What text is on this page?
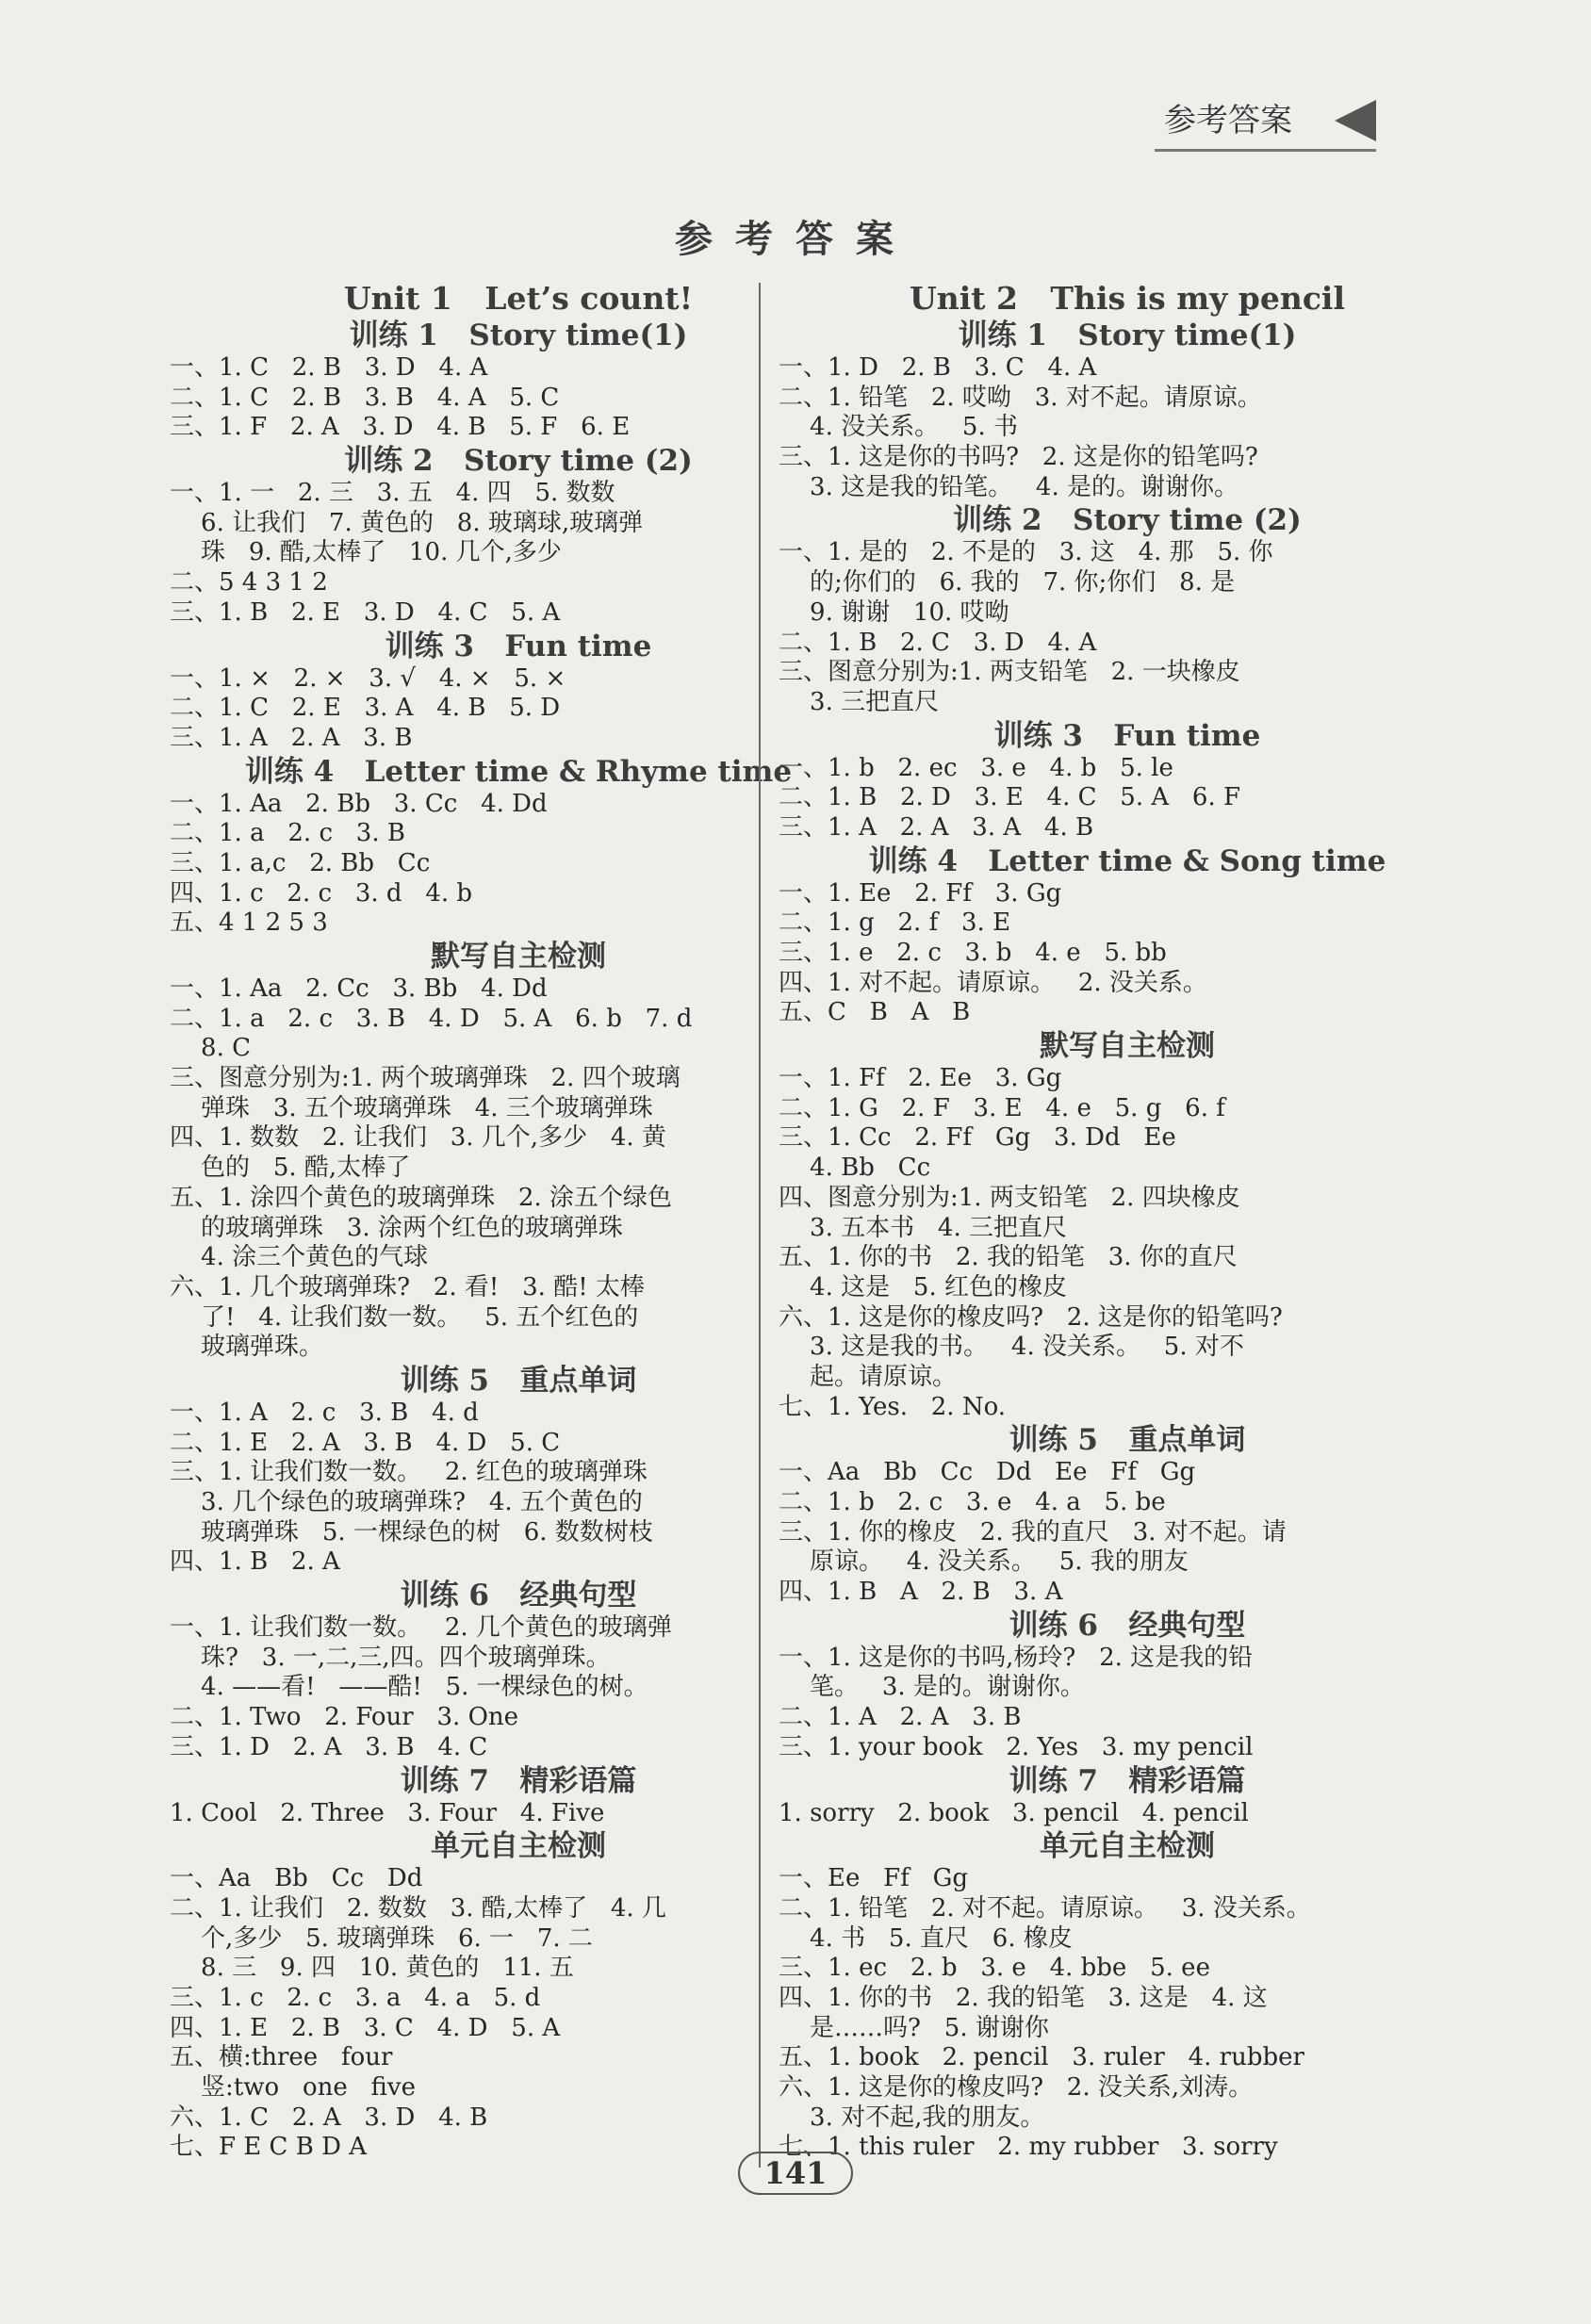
参考答案
参考答案
Unit 1   Let’s count!
训练 1   Story time(1)
一、1. C   2. B   3. D   4. A
二、1. C   2. B   3. B   4. A   5. C
三、1. F   2. A   3. D   4. B   5. F   6. E
训练 2   Story time (2)
一、1. 一   2. 三   3. 五   4. 四   5. 数数
6. 让我们   7. 黄色的   8. 玻璃球,玻璃弹
珠   9. 酷,太棒了   10. 几个,多少
二、5 4 3 1 2
三、1. B   2. E   3. D   4. C   5. A
训练 3   Fun time
一、1. ×   2. ×   3. √   4. ×   5. ×
二、1. C   2. E   3. A   4. B   5. D
三、1. A   2. A   3. B
训练 4   Letter time & Rhyme time
一、1. Aa   2. Bb   3. Cc   4. Dd
二、1. a   2. c   3. B
三、1. a,c   2. Bb   Cc
四、1. c   2. c   3. d   4. b
五、4 1 2 5 3
默写自主检测
一、1. Aa   2. Cc   3. Bb   4. Dd
二、1. a   2. c   3. B   4. D   5. A   6. b   7. d
8. C
三、图意分别为:1. 两个玻璃弹珠   2. 四个玻璃
弹珠   3. 五个玻璃弹珠   4. 三个玻璃弹珠
四、1. 数数   2. 让我们   3. 几个,多少   4. 黄
色的   5. 酷,太棒了
五、1. 涂四个黄色的玻璃弹珠   2. 涂五个绿色
的玻璃弹珠   3. 涂两个红色的玻璃弹珠
4. 涂三个黄色的气球
六、1. 几个玻璃弹珠?   2. 看!   3. 酷! 太棒
了!   4. 让我们数一数。   5. 五个红色的
玻璃弹珠。
训练 5   重点单词
一、1. A   2. c   3. B   4. d
二、1. E   2. A   3. B   4. D   5. C
三、1. 让我们数一数。   2. 红色的玻璃弹珠
3. 几个绿色的玻璃弹珠?   4. 五个黄色的
玻璃弹珠   5. 一棵绿色的树   6. 数数树枝
四、1. B   2. A
训练 6   经典句型
一、1. 让我们数一数。   2. 几个黄色的玻璃弹
珠?   3. 一,二,三,四。四个玻璃弹珠。
4. ——看!   ——酷!   5. 一棵绿色的树。
二、1. Two   2. Four   3. One
三、1. D   2. A   3. B   4. C
训练 7   精彩语篇
1. Cool   2. Three   3. Four   4. Five
单元自主检测
一、Aa   Bb   Cc   Dd
二、1. 让我们   2. 数数   3. 酷,太棒了   4. 几
个,多少   5. 玻璃弹珠   6. 一   7. 二
8. 三   9. 四   10. 黄色的   11. 五
三、1. c   2. c   3. a   4. a   5. d
四、1. E   2. B   3. C   4. D   5. A
五、横:three   four
竖:two   one   five
六、1. C   2. A   3. D   4. B
七、F E C B D A
Unit 2   This is my pencil
训练 1   Story time(1)
一、1. D   2. B   3. C   4. A
二、1. 铅笔   2. 哎呦   3. 对不起。请原谅。
4. 没关系。   5. 书
三、1. 这是你的书吗?   2. 这是你的铅笔吗?
3. 这是我的铅笔。   4. 是的。谢谢你。
训练 2   Story time (2)
一、1. 是的   2. 不是的   3. 这   4. 那   5. 你
的;你们的   6. 我的   7. 你;你们   8. 是
9. 谢谢   10. 哎呦
二、1. B   2. C   3. D   4. A
三、图意分别为:1. 两支铅笔   2. 一块橡皮
3. 三把直尺
训练 3   Fun time
一、1. b   2. ec   3. e   4. b   5. le
二、1. B   2. D   3. E   4. C   5. A   6. F
三、1. A   2. A   3. A   4. B
训练 4   Letter time & Song time
一、1. Ee   2. Ff   3. Gg
二、1. g   2. f   3. E
三、1. e   2. c   3. b   4. e   5. bb
四、1. 对不起。请原谅。   2. 没关系。
五、C   B   A   B
默写自主检测
一、1. Ff   2. Ee   3. Gg
二、1. G   2. F   3. E   4. e   5. g   6. f
三、1. Cc   2. Ff   Gg   3. Dd   Ee
4. Bb   Cc
四、图意分别为:1. 两支铅笔   2. 四块橡皮
3. 五本书   4. 三把直尺
五、1. 你的书   2. 我的铅笔   3. 你的直尺
4. 这是   5. 红色的橡皮
六、1. 这是你的橡皮吗?   2. 这是你的铅笔吗?
3. 这是我的书。   4. 没关系。   5. 对不
起。请原谅。
七、1. Yes.   2. No.
训练 5   重点单词
一、Aa   Bb   Cc   Dd   Ee   Ff   Gg
二、1. b   2. c   3. e   4. a   5. be
三、1. 你的橡皮   2. 我的直尺   3. 对不起。请
原谅。   4. 没关系。   5. 我的朋友
四、1. B   A   2. B   3. A
训练 6   经典句型
一、1. 这是你的书吗,杨玲?   2. 这是我的铅
笔。   3. 是的。谢谢你。
二、1. A   2. A   3. B
三、1. your book   2. Yes   3. my pencil
训练 7   精彩语篇
1. sorry   2. book   3. pencil   4. pencil
单元自主检测
一、Ee   Ff   Gg
二、1. 铅笔   2. 对不起。请原谅。   3. 没关系。
4. 书   5. 直尺   6. 橡皮
三、1. ec   2. b   3. e   4. bbe   5. ee
四、1. 你的书   2. 我的铅笔   3. 这是   4. 这
是……吗?   5. 谢谢你
五、1. book   2. pencil   3. ruler   4. rubber
六、1. 这是你的橡皮吗?   2. 没关系,刘涛。
3. 对不起,我的朋友。
七、1. this ruler   2. my rubber   3. sorry
141
